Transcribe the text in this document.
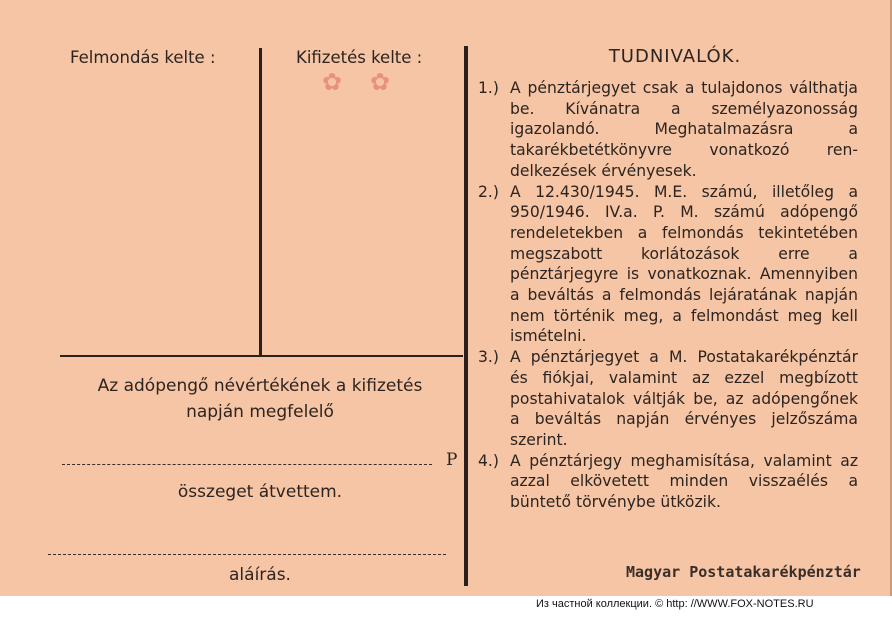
Felmondás kelte :	Kifizetés kelte :
✿ ✿
Az adópengő névértékének a kifizetés
napján megfelelő
P
összeget átvettem.
aláírás.
TUDNIVALÓK.
1.) A pénztárjegyet csak a tulajdonos válthatja be. Kívánatra a személyazonosság igazolandó. Meghatalmazásra a takarékbetétkönyvre vonatkozó rendelkezések érvényesek.
2.) A 12.430/1945. M.E. számú, illetőleg a 950/1946. IV.a. P. M. számú adópengő rendeletekben a felmondás tekintetében megszabott korlátozások erre a pénztárjegyre is vonatkoznak. Amennyiben a beváltás a felmondás lejáratának napján nem történik meg, a felmondást meg kell ismételni.
3.) A pénztárjegyet a M. Postatakarékpénztár és fiókjai, valamint az ezzel megbízott postahivatalok váltják be, az adópengőnek a beváltás napján érvényes jelzőszáma szerint.
4.) A pénztárjegy meghamisítása, valamint az azzal elkövetett minden visszaélés a büntető törvénybe ütközik.
Magyar Postatakarékpénztár
Из частной коллекции. © http: //WWW.FOX-NOTES.RU
